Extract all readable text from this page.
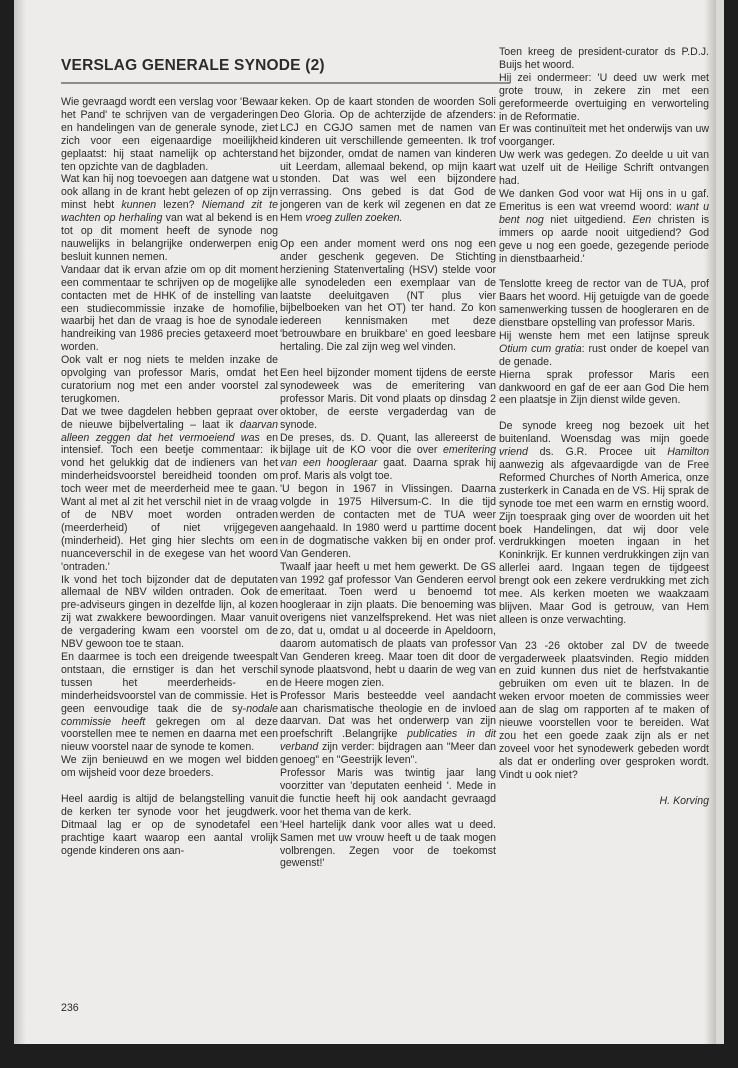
VERSLAG GENERALE SYNODE (2)

Wie gevraagd wordt een verslag voor 'Bewaar het Pand' te schrijven van de vergaderingen en handelingen van de generale synode, ziet zich voor een eigenaardige moeilijkheid geplaatst: hij staat namelijk op achterstand ten opzichte van de dagbladen.

Wat kan hij nog toevoegen aan datgene wat u ook allang in de krant hebt gelezen of op zijn minst hebt kunnen lezen? Niemand zit te wachten op herhaling van wat al bekend is en tot op dit moment heeft de synode nog nauwelijks in belangrijke onderwerpen enig besluit kunnen nemen.

Vandaar dat ik ervan afzie om op dit moment een commentaar te schrijven op de mogelijke contacten met de HHK of de instelling van een studiecommissie inzake de homofilie, waarbij het dan de vraag is hoe de synodale handreiking van 1986 precies getaxeerd moet worden.

Ook valt er nog niets te melden inzake de opvolging van professor Maris, omdat het curatorium nog met een ander voorstel zal terugkomen.

Dat we twee dagdelen hebben gepraat over de nieuwe bijbelvertaling – laat ik daarvan alleen zeggen dat het vermoeiend was en intensief. Toch een beetje commentaar: ik vond het gelukkig dat de indieners van het minderheidsvoorstel bereidheid toonden om toch weer met de meerderheid mee te gaan. Want al met al zit het verschil niet in de vraag of de NBV moet worden ontraden (meerderheid) of niet vrijgegeven (minderheid). Het ging hier slechts om een nuanceverschil in de exegese van het woord 'ontraden.'

Ik vond het toch bijzonder dat de deputaten allemaal de NBV wilden ontraden. Ook de pre-adviseurs gingen in dezelfde lijn, al kozen zij wat zwakkere bewoordingen. Maar vanuit de vergadering kwam een voorstel om de NBV gewoon toe te staan.

En daarmee is toch een dreigende tweespalt ontstaan, die ernstiger is dan het verschil tussen het meerderheids- en minderheidsvoorstel van de commissie. Het is geen eenvoudige taak die de sy-nodale commissie heeft gekregen om al deze voorstellen mee te nemen en daarna met een nieuw voorstel naar de synode te komen.

We zijn benieuwd en we mogen wel bidden om wijsheid voor deze broeders.

Heel aardig is altijd de belangstelling vanuit de kerken ter synode voor het jeugdwerk. Ditmaal lag er op de synodetafel een prachtige kaart waarop een aantal vrolijk ogende kinderen ons aan-

keken. Op de kaart stonden de woorden Soli Deo Gloria. Op de achterzijde de afzenders: LCJ en CGJO samen met de namen van kinderen uit verschillende gemeenten. Ik trof het bijzonder, omdat de namen van kinderen uit Leerdam, allemaal bekend, op mijn kaart stonden. Dat was wel een bijzondere verrassing. Ons gebed is dat God de jongeren van de kerk wil zegenen en dat ze Hem vroeg zullen zoeken.

Op een ander moment werd ons nog een ander geschenk gegeven. De Stichting herziening Statenvertaling (HSV) stelde voor alle synodeleden een exemplaar van de laatste deeluitgaven (NT plus vier bijbelboeken van het OT) ter hand. Zo kon iedereen kennismaken met deze 'betrouwbare en bruikbare' en goed leesbare hertaling. Die zal zijn weg wel vinden.

Een heel bijzonder moment tijdens de eerste synodeweek was de emeritering van professor Maris. Dit vond plaats op dinsdag 2 oktober, de eerste vergaderdag van de synode.

De preses, ds. D. Quant, las allereerst de bijlage uit de KO voor die over emeritering van een hoogleraar gaat. Daarna sprak hij prof. Maris als volgt toe.

'U begon in 1967 in Vlissingen. Daarna volgde in 1975 Hilversum-C. In die tijd werden de contacten met de TUA weer aangehaald. In 1980 werd u parttime docent in de dogmatische vakken bij en onder prof. Van Genderen.

Twaalf jaar heeft u met hem gewerkt. De GS van 1992 gaf professor Van Genderen eervol emeritaat. Toen werd u benoemd tot hoogleraar in zijn plaats. Die benoeming was overigens niet vanzelfsprekend. Het was niet zo, dat u, omdat u al doceerde in Apeldoorn, daarom automatisch de plaats van professor Van Genderen kreeg. Maar toen dit door de synode plaatsvond, hebt u daarin de weg van de Heere mogen zien.

Professor Maris besteedde veel aandacht aan charismatische theologie en de invloed daarvan. Dat was het onderwerp van zijn proefschrift .Belangrijke publicaties in dit verband zijn verder: bijdragen aan "Meer dan genoeg" en "Geestrijk leven".

Professor Maris was twintig jaar lang voorzitter van 'deputaten eenheid '. Mede in die functie heeft hij ook aandacht gevraagd voor het thema van de kerk.

'Heel hartelijk dank voor alles wat u deed. Samen met uw vrouw heeft u de taak mogen volbrengen. Zegen voor de toekomst gewenst!'

Toen kreeg de president-curator ds P.D.J. Buijs het woord.

Hij zei ondermeer: 'U deed uw werk met grote trouw, in zekere zin met een gereformeerde overtuiging en verworteling in de Reformatie.

Er was continuïteit met het onderwijs van uw voorganger.

Uw werk was gedegen. Zo deelde u uit van wat uzelf uit de Heilige Schrift ontvangen had.

We danken God voor wat Hij ons in u gaf. Emeritus is een wat vreemd woord: want u bent nog niet uitgediend. Een christen is immers op aarde nooit uitgediend? God geve u nog een goede, gezegende periode in dienstbaarheid.'

Tenslotte kreeg de rector van de TUA, prof Baars het woord. Hij getuigde van de goede samenwerking tussen de hoogleraren en de dienstbare opstelling van professor Maris.

Hij wenste hem met een latijnse spreuk Otium cum gratia: rust onder de koepel van de genade.

Hierna sprak professor Maris een dankwoord en gaf de eer aan God Die hem een plaatsje in Zijn dienst wilde geven.

De synode kreeg nog bezoek uit het buitenland. Woensdag was mijn goede vriend ds. G.R. Procee uit Hamilton aanwezig als afgevaardigde van de Free Reformed Churches of North America, onze zusterkerk in Canada en de VS. Hij sprak de synode toe met een warm en ernstig woord. Zijn toespraak ging over de woorden uit het boek Handelingen, dat wij door vele verdrukkingen moeten ingaan in het Koninkrijk. Er kunnen verdrukkingen zijn van allerlei aard. Ingaan tegen de tijdgeest brengt ook een zekere verdrukking met zich mee. Als kerken moeten we waakzaam blijven. Maar God is getrouw, van Hem alleen is onze verwachting.

Van 23 -26 oktober zal DV de tweede vergaderweek plaatsvinden. Regio midden en zuid kunnen dus niet de herfstvakantie gebruiken om even uit te blazen. In de weken ervoor moeten de commissies weer aan de slag om rapporten af te maken of nieuwe voorstellen voor te bereiden. Wat zou het een goede zaak zijn als er net zoveel voor het synodewerk gebeden wordt als dat er onderling over gesproken wordt. Vindt u ook niet?

H. Korving

236
